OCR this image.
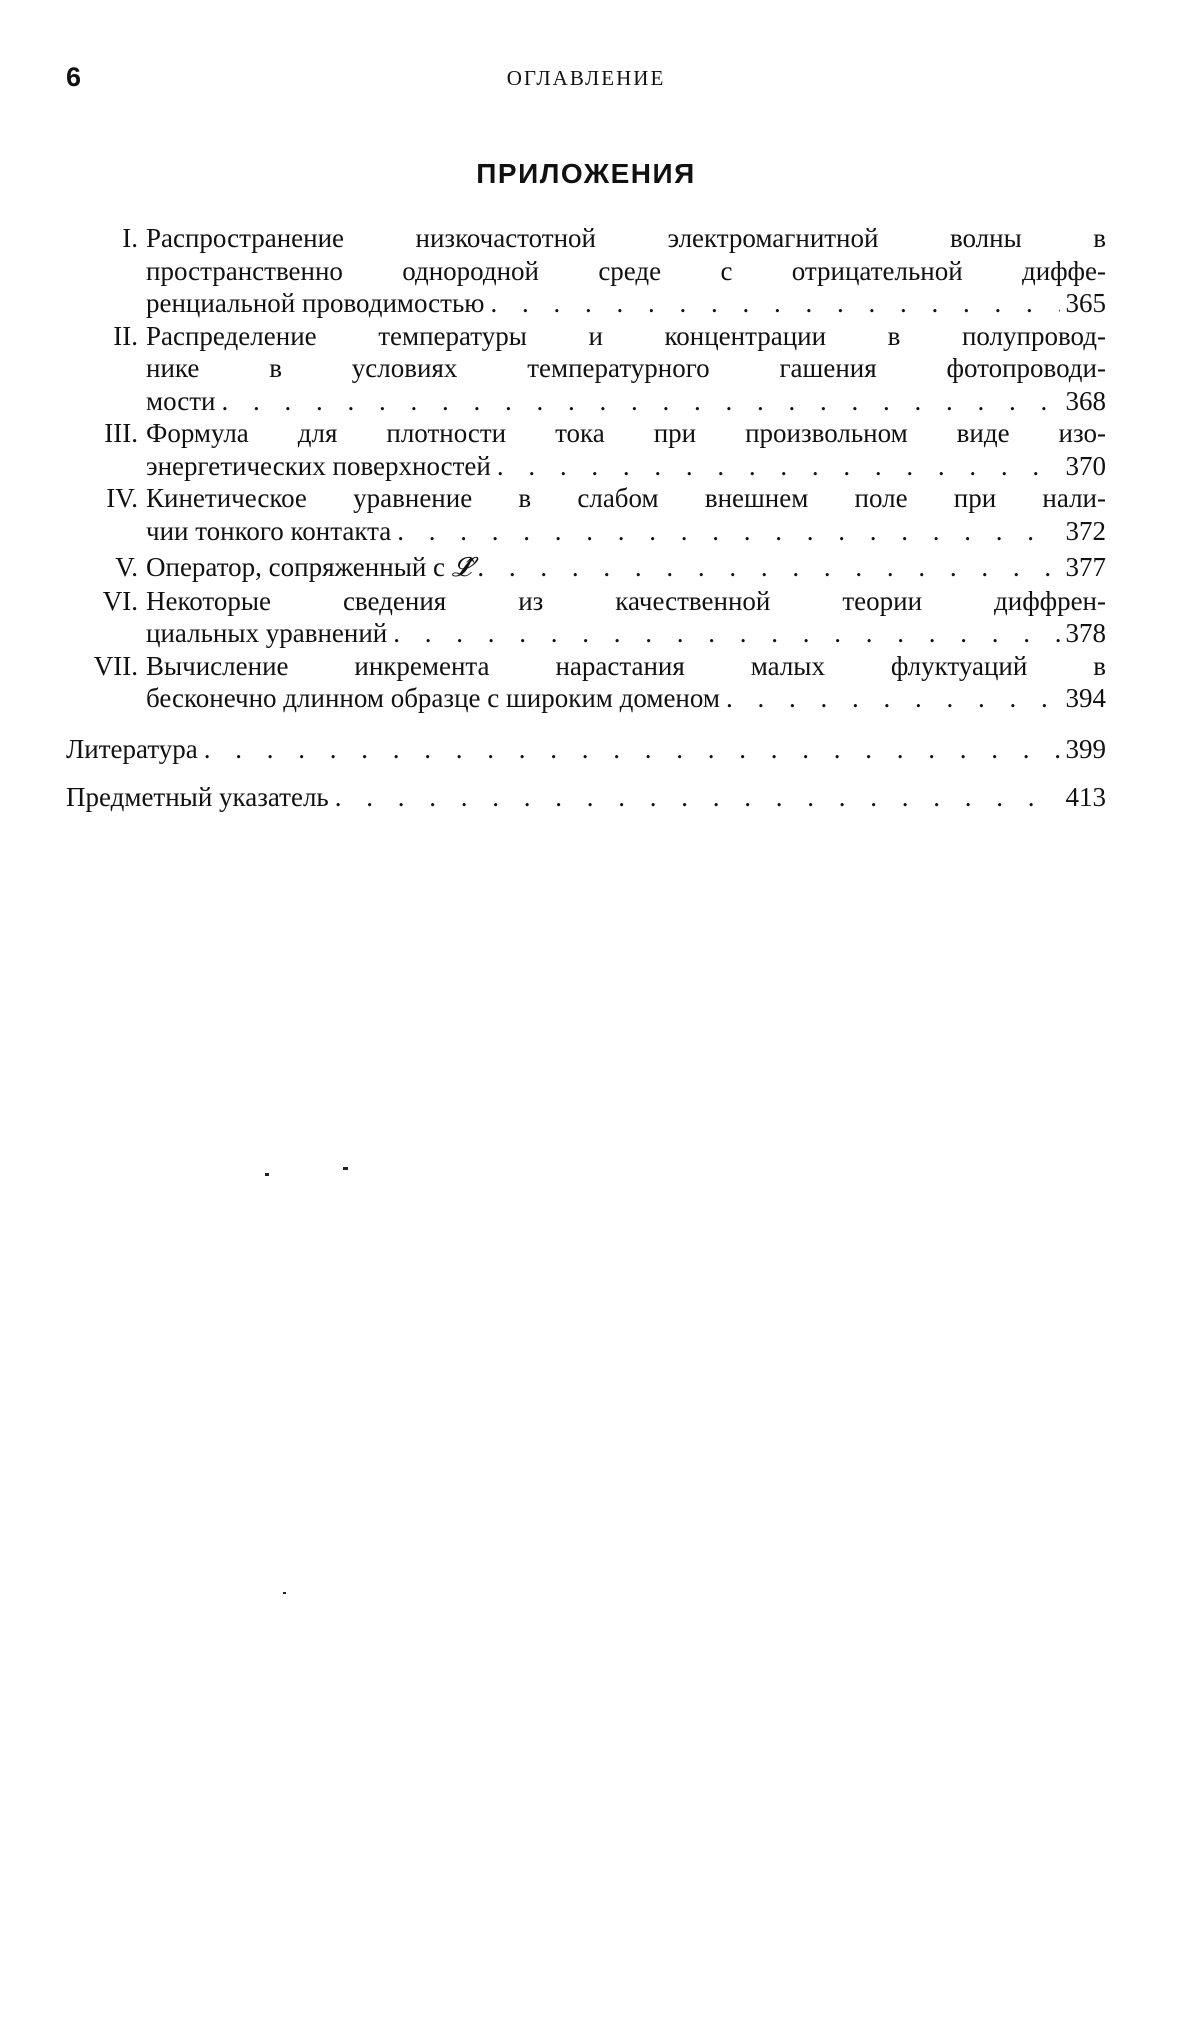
6	ОГЛАВЛЕНИЕ
ПРИЛОЖЕНИЯ
I. Распространение низкочастотной электромагнитной волны в
пространственно однородной среде с отрицательной диффе-
ренциальной проводимостью . . .	365
II. Распределение температуры и концентрации в полупровод-
нике в условиях температурного гашения фотопроводи-
мости . . .	368
III. Формула для плотности тока при произвольном виде изо-
энергетических поверхностей . . .	370
IV. Кинетическое уравнение в слабом внешнем поле при нали-
чии тонкого контакта . . .	372
V. Оператор, сопряженный с
𝓛̂ . . .	377
VI. Некоторые сведения из качественной теории диффрен-
циальных уравнений . . .	378
VII. Вычисление инкремента нарастания малых флуктуаций в
бесконечно длинном образце с широким доменом . . .	394
Литература . . .	399
Предметный указатель . . .	413
